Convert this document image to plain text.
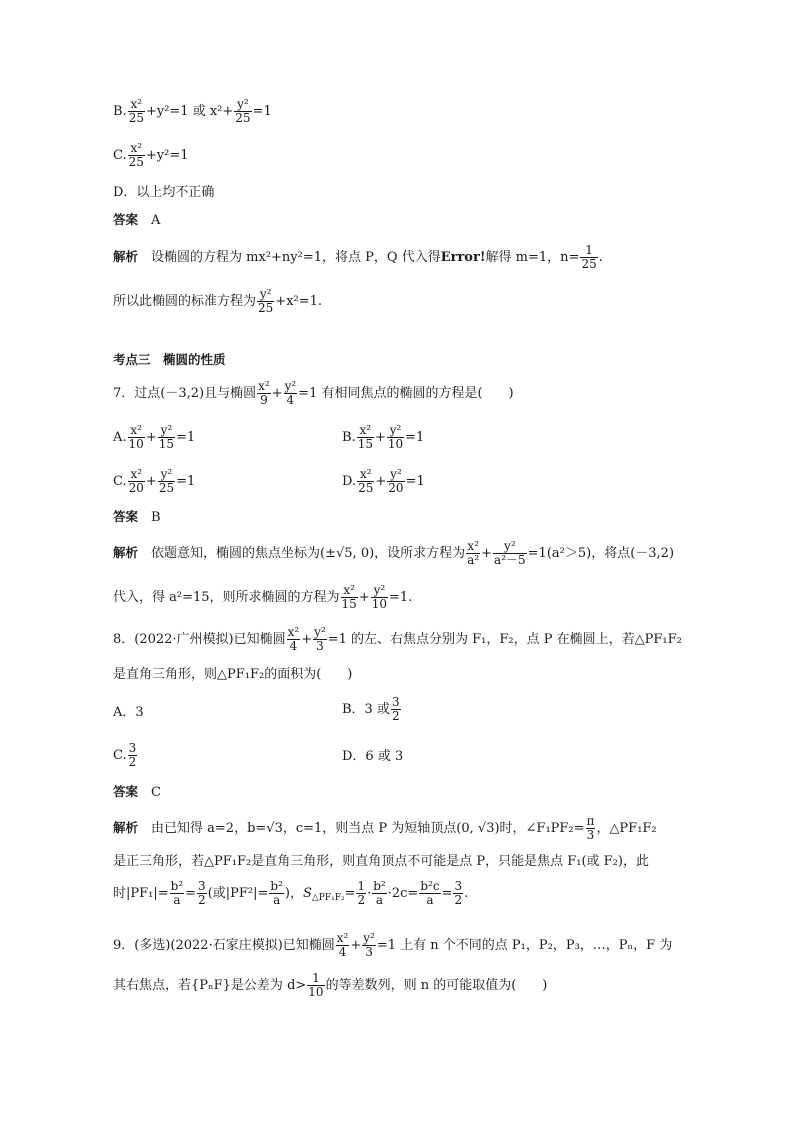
B. $\frac{\text{x²}}{25} +y^2=1$ 或 $x^2+ \frac{\text{y²}}{25} =1$
C. $\frac{\text{x²}}{25} +y^2=1$
D．以上均不正确
答案　 A
解析　 设椭圆的方程为 mx²+ny²=1，将点 P，Q 代入得Error!解得 m=1，$n= \frac{1}{25}$ .
所以此椭圆的标准方程为 $\frac{\text{y²}}{25} +x^2=1$.
考点三　椭圆的性质
7．过点(－3,2)且与椭圆 $\frac{\text{x²}}{9} + \frac{\text{y²}}{4} =1$ 有相同焦点的椭圆的方程是(　　)
A. $\frac{\text{x²}}{10} + \frac{\text{y²}}{15} =1$	B. $\frac{\text{x²}}{15} + \frac{\text{y²}}{10} =1$
C. $\frac{\text{x²}}{20} + \frac{\text{y²}}{25} =1$	D. $\frac{\text{x²}}{25} + \frac{\text{y²}}{20} =1$
答案　 B
解析　 依题意知，椭圆的焦点坐标为(±√5, 0)，设所求方程为 $\frac{\text{x²}}{\text{a²}} + \frac{\text{y²}}{\text{a²－5}} =1(a^2>5)$，将点(－3,2)
代入，得 a²=15，则所求椭圆的方程为 $\frac{\text{x²}}{15} + \frac{\text{y²}}{10} =1$.
8．(2022·广州模拟)已知椭圆 $\frac{\text{x²}}{4} + \frac{\text{y²}}{3} =1$ 的左、右焦点分别为 F₁，F₂，点 P 在椭圆上，若△PF₁F₂
是直角三角形，则△PF₁F₂的面积为(　　)
A．3	B．3 或 $\frac{3}{2}$
C. $\frac{3}{2}$	D．6 或 3
答案　 C
解析　 由已知得 a=2，b=√3，c=1，则当点 P 为短轴顶点(0, √3)时，∠F₁PF₂= $\frac{\pi}{3}$ ，△PF₁F₂
是正三角形，若△PF₁F₂是直角三角形，则直角顶点不可能是点 P，只能是焦点 F₁(或 F₂)，此
时$|PF_1|= \frac{\text{b²}}{a} = \frac{3}{2}$ (或$|PF^2|= \frac{\text{b²}}{a}$ )，$S_{\triangle PF_1F_2}= \frac{1}{2} \cdot \frac{\text{b²}}{a} \cdot 2c= \frac{\text{b²c}}{a} = \frac{3}{2}$ .
9．(多选)(2022·石家庄模拟)已知椭圆 $\frac{\text{x²}}{4} + \frac{\text{y²}}{3} =1$ 上有 n 个不同的点 P₁，P₂，P₃，…，Pₙ，F 为
其右焦点，若{PₙF}是公差为 $d> \frac{1}{10}$ 的等差数列，则 n 的可能取值为(　　)
